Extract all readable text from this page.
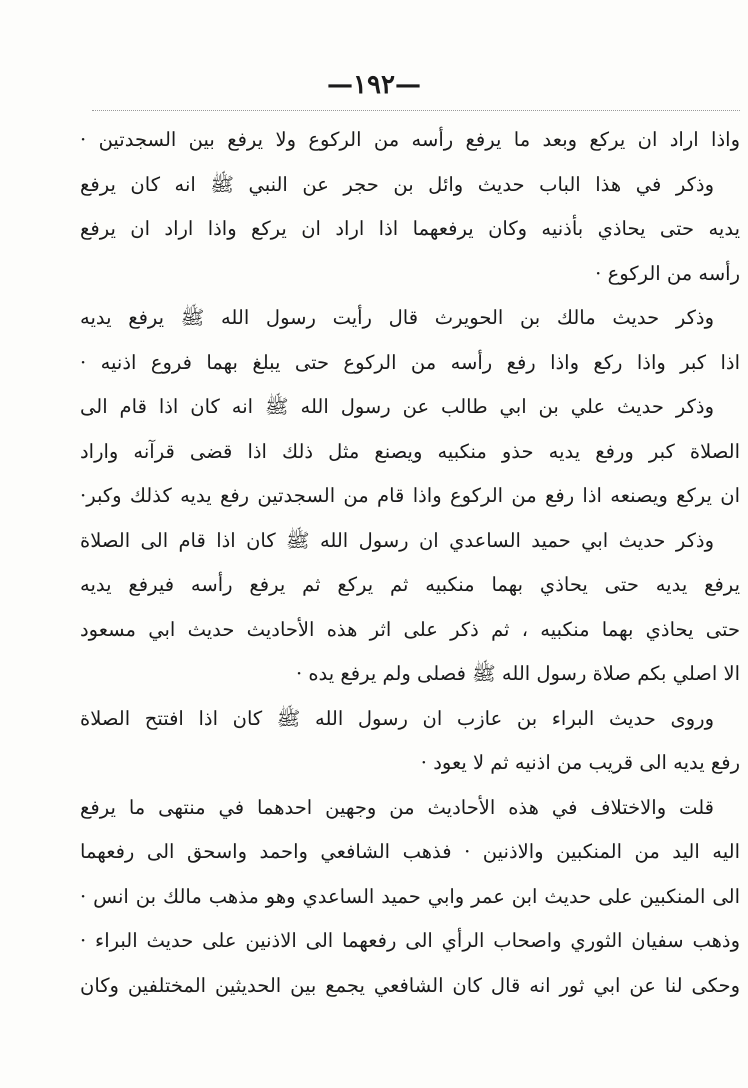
—١٩٢—
واذا اراد ان يركع وبعد ما يرفع رأسه من الركوع ولا يرفع بين السجدتين ·
وذكر في هذا الباب حديث وائل بن حجر عن النبي ﷺ انه كان يرفع
يديه حتى يحاذي بأذنيه وكان يرفعهما اذا اراد ان يركع واذا اراد ان يرفع
رأسه من الركوع ·
وذكر حديث مالك بن الحويرث قال رأيت رسول الله ﷺ يرفع يديه
اذا كبر واذا ركع واذا رفع رأسه من الركوع حتى يبلغ بهما فروع اذنيه ·
وذكر حديث علي بن ابي طالب عن رسول الله ﷺ انه كان اذا قام الى
الصلاة كبر ورفع يديه حذو منكبيه ويصنع مثل ذلك اذا قضى قرآنه واراد
ان يركع ويصنعه اذا رفع من الركوع واذا قام من السجدتين رفع يديه كذلك وكبر·
وذكر حديث ابي حميد الساعدي ان رسول الله ﷺ كان اذا قام الى الصلاة
يرفع يديه حتى يحاذي بهما منكبيه ثم يركع ثم يرفع رأسه فيرفع يديه
حتى يحاذي بهما منكبيه ، ثم ذكر على اثر هذه الأحاديث حديث ابي مسعود
الا اصلي بكم صلاة رسول الله ﷺ فصلى ولم يرفع يده ·
وروى حديث البراء بن عازب ان رسول الله ﷺ كان اذا افتتح الصلاة
رفع يديه الى قريب من اذنيه ثم لا يعود ·
قلت والاختلاف في هذه الأحاديث من وجهين احدهما في منتهى ما يرفع
اليه اليد من المنكبين والاذنين · فذهب الشافعي واحمد واسحق الى رفعهما
الى المنكبين على حديث ابن عمر وابي حميد الساعدي وهو مذهب مالك بن انس ·
وذهب سفيان الثوري واصحاب الرأي الى رفعهما الى الاذنين على حديث البراء ·
وحكى لنا عن ابي ثور انه قال كان الشافعي يجمع بين الحديثين المختلفين وكان
